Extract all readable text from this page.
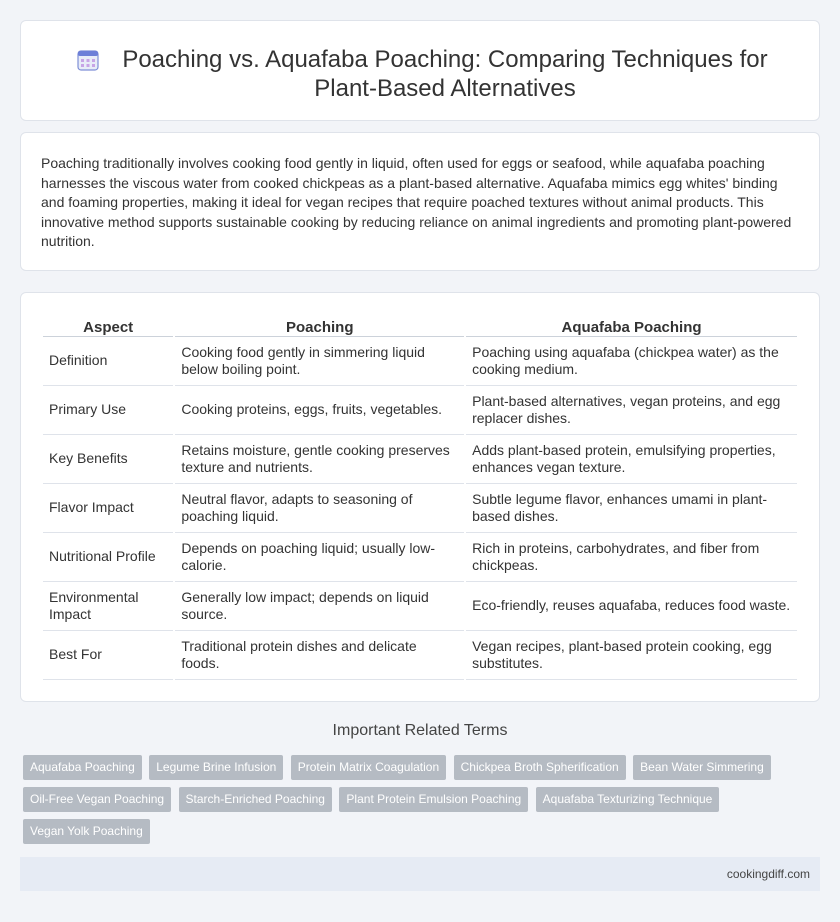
Poaching vs. Aquafaba Poaching: Comparing Techniques for Plant-Based Alternatives

Poaching traditionally involves cooking food gently in liquid, often used for eggs or seafood, while aquafaba poaching harnesses the viscous water from cooked chickpeas as a plant-based alternative. Aquafaba mimics egg whites' binding and foaming properties, making it ideal for vegan recipes that require poached textures without animal products. This innovative method supports sustainable cooking by reducing reliance on animal ingredients and promoting plant-powered nutrition.

Aspect	Poaching	Aquafaba Poaching
Definition	Cooking food gently in simmering liquid below boiling point.	Poaching using aquafaba (chickpea water) as the cooking medium.
Primary Use	Cooking proteins, eggs, fruits, vegetables.	Plant-based alternatives, vegan proteins, and egg replacer dishes.
Key Benefits	Retains moisture, gentle cooking preserves texture and nutrients.	Adds plant-based protein, emulsifying properties, enhances vegan texture.
Flavor Impact	Neutral flavor, adapts to seasoning of poaching liquid.	Subtle legume flavor, enhances umami in plant-based dishes.
Nutritional Profile	Depends on poaching liquid; usually low-calorie.	Rich in proteins, carbohydrates, and fiber from chickpeas.
Environmental Impact	Generally low impact; depends on liquid source.	Eco-friendly, reuses aquafaba, reduces food waste.
Best For	Traditional protein dishes and delicate foods.	Vegan recipes, plant-based protein cooking, egg substitutes.
Important Related Terms
Aquafaba Poaching Legume Brine Infusion Protein Matrix Coagulation Chickpea Broth Spherification Bean Water Simmering Oil-Free Vegan Poaching Starch-Enriched Poaching Plant Protein Emulsion Poaching Aquafaba Texturizing Technique Vegan Yolk Poaching
cookingdiff.com
